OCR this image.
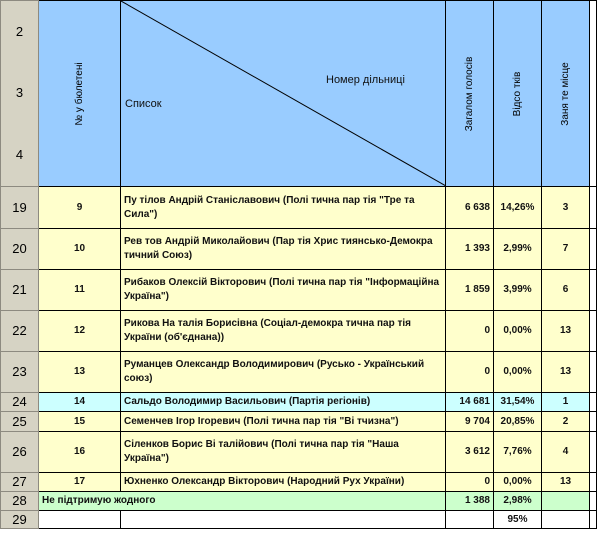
2
3
4	№ у бюлетені	Список
Номер дільниці	Загалом голосів	Відсо тків	Заня те місце	

19	9	Пу тілов Андрій Станіславович (Полі тична пар тія "Тре та Сила")	6 638	14,26%	3	
20	10	Рев тов Андрій Миколайович (Пар тія Хрис тиянсько-Демокра тичний Союз)	1 393	2,99%	7	
21	11	Рибаков Олексій Вікторович (Полі тична пар тія "Інформаційна Україна")	1 859	3,99%	6	
22	12	Рикова На талія Борисівна (Соціал-демокра тична пар тія України (об'єднана))	0	0,00%	13	
23	13	Руманцев Олександр Володимирович (Русько - Український союз)	0	0,00%	13	
24	14	Сальдо Володимир Васильович (Партія регіонів)	14 681	31,54%	1	
25	15	Семенчев Ігор Ігоревич (Полі тична пар тія "Ві тчизна")	9 704	20,85%	2	
26	16	Сіленков Борис Ві талійович (Полі тична пар тія "Наша Україна")	3 612	7,76%	4	
27	17	Юхненко Олександр Вікторович (Народний Рух України)	0	0,00%	13	
28	Не підтримую жодного		1 388	2,98%		
29				95%		
